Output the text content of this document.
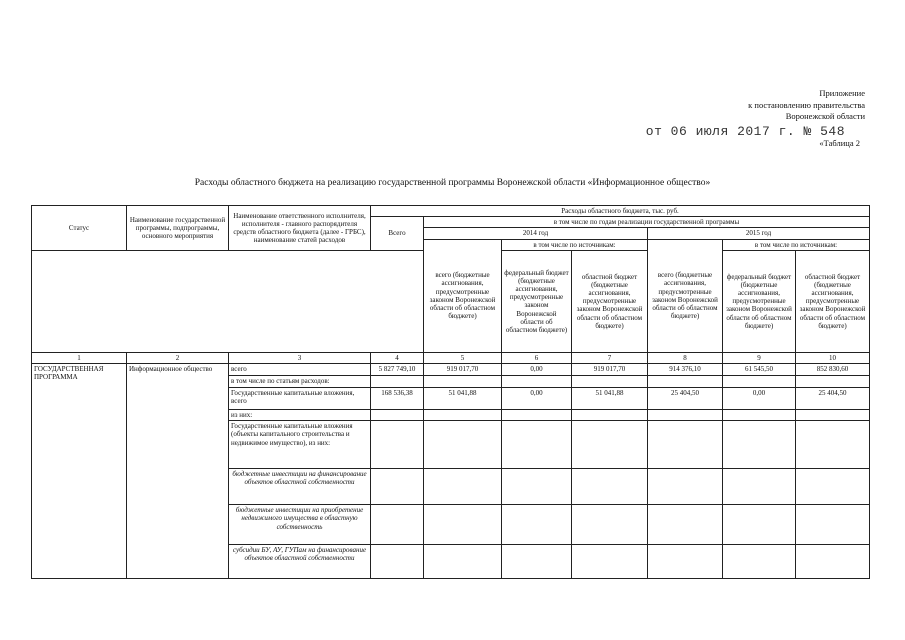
Приложение
к постановлению правительства
Воронежской области
от 06 июля 2017 г. № 548
«Таблица 2
Расходы областного бюджета на реализацию государственной программы Воронежской области «Информационное общество»
Статус	Наименование государственной программы, подпрограммы, основного мероприятия	Наименование ответственного исполнителя, исполнителя - главного распорядителя средств областного бюджета (далее - ГРБС), наименование статей расходов	Расходы областного бюджета, тыс. руб.						
			Всего	в том числе по годам реализации государственной программы					
				2014 год			2015 год		
				всего (бюджетные ассигнования, предусмотренные законом Воронежской области об областном бюджете)	в том числе по источникам:		всего (бюджетные ассигнования, предусмотренные законом Воронежской области об областном бюджете)	в том числе по источникам:	
					федеральный бюджет (бюджетные ассигнования, предусмотренные законом Воронежской области об областном бюджете)	областной бюджет (бюджетные ассигнования, предусмотренные законом Воронежской области об областном бюджете)		федеральный бюджет (бюджетные ассигнования, предусмотренные законом Воронежской области об областном бюджете)	областной бюджет (бюджетные ассигнования, предусмотренные законом Воронежской области об областном бюджете)
1	2	3	4	5	6	7	8	9	10
ГОСУДАРСТВЕННАЯ ПРОГРАММА	Информационное общество	всего	5 827 749,10	919 017,70	0,00	919 017,70	914 376,10	61 545,50	852 830,60
		в том числе по статьям расходов:							
		Государственные капитальные вложения, всего	168 536,38	51 041,88	0,00	51 041,88	25 404,50	0,00	25 404,50
		из них:							
		Государственные капитальные вложения (объекты капитального строительства и недвижимое имущество), из них:							
		бюджетные инвестиции на финансирование объектов областной собственности							
		бюджетные инвестиции на приобретение недвижимого имущества в областную собственность							
		субсидии БУ, АУ, ГУПам на финансирование объектов областной собственности							
